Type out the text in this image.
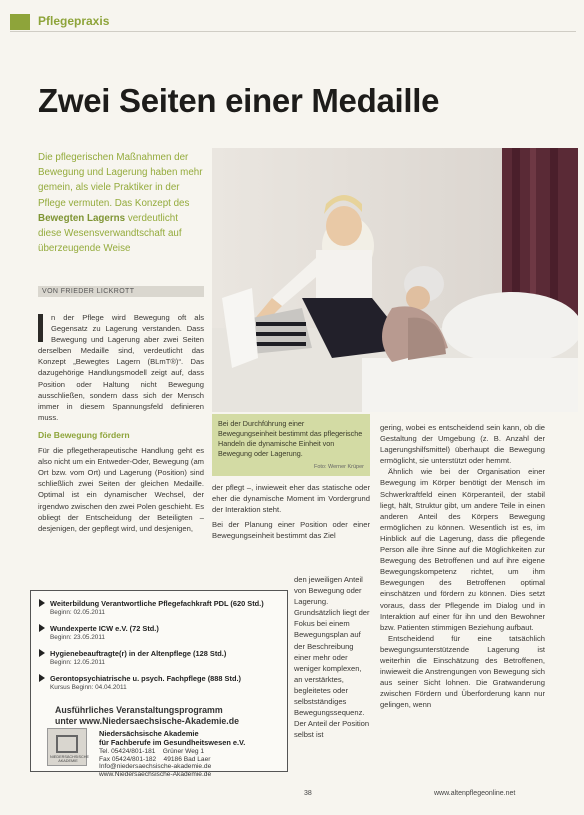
Pflegepraxis
Zwei Seiten einer Medaille

Die pflegerischen Maßnahmen der Bewegung und Lagerung haben mehr gemein, als viele Praktiker in der Pflege vermuten. Das Konzept des Bewegten Lagerns verdeutlicht diese Wesensverwandtschaft auf überzeugende Weise

VON FRIEDER LICKROTT

n der Pflege wird Bewegung oft als Gegensatz zu Lagerung verstanden. Dass Bewegung und Lagerung aber zwei Seiten derselben Medaille sind, verdeutlicht das Konzept „Bewegtes Lagern (BLmT®)“. Das dazugehörige Handlungsmodell zeigt auf, dass Position oder Haltung nicht Bewegung ausschließen, sondern dass sich der Mensch immer in diesem Spannungsfeld definieren muss.

Die Bewegung fördern

Für die pflegetherapeutische Handlung geht es also nicht um ein Entweder-Oder, Bewegung (am Ort bzw. vom Ort) und Lagerung (Position) sind schließlich zwei Seiten der gleichen Medaille. Optimal ist ein dynamischer Wechsel, der irgendwo zwischen den zwei Polen geschieht. Es obliegt der Entscheidung der Beteiligten – desjenigen, der gepflegt wird, und desjenigen,

Bei der Durchführung einer Bewegungseinheit bestimmt das pflegerische Handeln die dynamische Einheit von Bewegung oder Lagerung.

Foto: Werner Krüper

der pflegt –, inwieweit eher das statische oder eher die dynamische Moment im Vordergrund der Interaktion steht.

Bei der Planung einer Position oder einer Bewegungseinheit bestimmt das Ziel

den jeweiligen Anteil von Bewegung oder Lagerung. Grundsätzlich liegt der Fokus bei einem Bewegungsplan auf der Beschreibung einer mehr oder weniger komplexen, an verstärktes, begleitetes oder selbstständiges Bewegungssequenz. Der Anteil der Position selbst ist

gering, wobei es entscheidend sein kann, ob die Gestaltung der Umgebung (z. B. Anzahl der Lagerungshilfsmittel) überhaupt die Bewegung ermöglicht, sie unterstützt oder hemmt.

Ähnlich wie bei der Organisation einer Bewegung im Körper benötigt der Mensch im Schwerkraftfeld einen Körperanteil, der stabil liegt, hält, Struktur gibt, um andere Teile in einen anderen Anteil des Körpers Bewegung ermöglichen zu können. Wesentlich ist es, im Hinblick auf die Lagerung, dass die pflegende Person alle ihre Sinne auf die Möglichkeiten zur Bewegung des Betroffenen und auf ihre eigene Bewegungskompetenz richtet, um ihm Bewegungen des Betroffenen optimal einschätzen und fördern zu können. Dies setzt voraus, dass der Pflegende im Dialog und in Interaktion auf einer für ihn und den Bewohner bzw. Patienten stimmigen Beziehung aufbaut.

Entscheidend für eine tatsächlich bewegungsunterstützende Lagerung ist weiterhin die Einschätzung des Betroffenen, inwieweit die Anstrengungen von Bewegung sich aus seiner Sicht lohnen. Die Gratwanderung zwischen Fördern und Überforderung kann nur gelingen, wenn

Weiterbildung Verantwortliche Pflegefachkraft PDL (620 Std.)
Beginn: 02.05.2011
Wundexperte ICW e.V. (72 Std.)
Beginn: 23.05.2011
Hygienebeauftragte(r) in der Altenpflege (128 Std.)
Beginn: 12.05.2011
Gerontopsychiatrische u. psych. Fachpflege (888 Std.)
Kursus Beginn: 04.04.2011
Ausführliches Veranstaltungsprogramm
unter www.Niedersaechsische-Akademie.de
NIEDERSÄCHSISCHE AKADEMIE
Niedersächsische Akademie
für Fachberufe im Gesundheitswesen e.V.
Tel. 05424/801-181 Grüner Weg 1
Fax 05424/801-182 49186 Bad Laer
Info@niedersaechsische-akademie.de
www.Niedersaechsische-Akademie.de
38	www.altenpflegeonline.net
